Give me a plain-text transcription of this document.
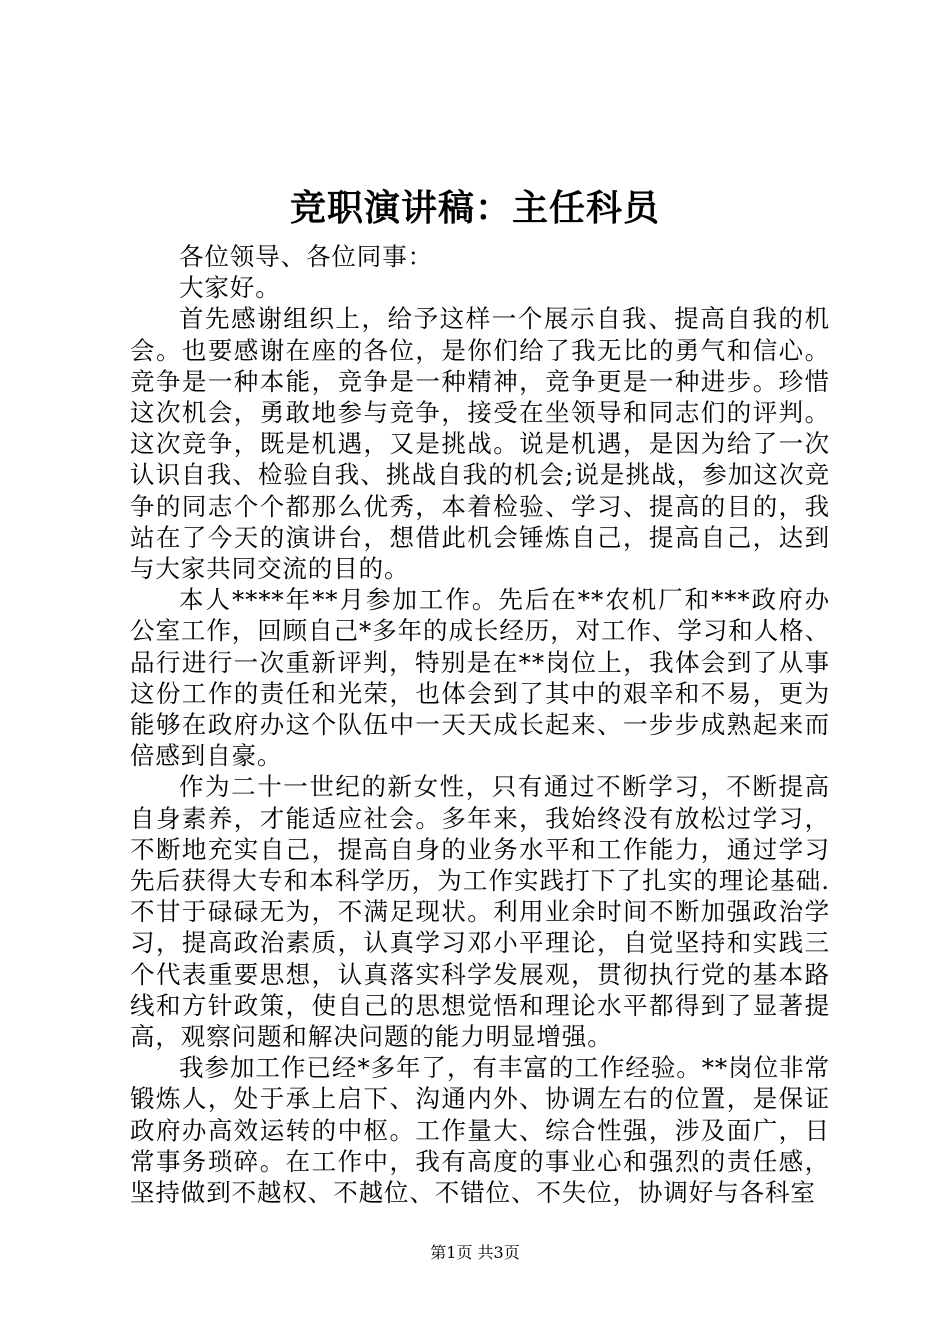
竞职演讲稿：主任科员

各位领导、各位同事：

大家好。

首先感谢组织上，给予这样一个展示自我、提高自我的机会。也要感谢在座的各位，是你们给了我无比的勇气和信心。竞争是一种本能，竞争是一种精神，竞争更是一种进步。珍惜这次机会，勇敢地参与竞争，接受在坐领导和同志们的评判。这次竞争，既是机遇，又是挑战。说是机遇，是因为给了一次认识自我、检验自我、挑战自我的机会;说是挑战，参加这次竞争的同志个个都那么优秀，本着检验、学习、提高的目的，我站在了今天的演讲台，想借此机会锤炼自己，提高自己，达到与大家共同交流的目的。

本人****年**月参加工作。先后在**农机厂和***政府办公室工作，回顾自己*多年的成长经历，对工作、学习和人格、品行进行一次重新评判，特别是在**岗位上，我体会到了从事这份工作的责任和光荣，也体会到了其中的艰辛和不易，更为能够在政府办这个队伍中一天天成长起来、一步步成熟起来而倍感到自豪。

作为二十一世纪的新女性，只有通过不断学习，不断提高自身素养，才能适应社会。多年来，我始终没有放松过学习，不断地充实自己，提高自身的业务水平和工作能力，通过学习先后获得大专和本科学历，为工作实践打下了扎实的理论基础.不甘于碌碌无为，不满足现状。利用业余时间不断加强政治学习，提高政治素质，认真学习邓小平理论，自觉坚持和实践三个代表重要思想，认真落实科学发展观，贯彻执行党的基本路线和方针政策，使自己的思想觉悟和理论水平都得到了显著提高，观察问题和解决问题的能力明显增强。

我参加工作已经*多年了，有丰富的工作经验。**岗位非常锻炼人，处于承上启下、沟通内外、协调左右的位置，是保证政府办高效运转的中枢。工作量大、综合性强，涉及面广，日常事务琐碎。在工作中，我有高度的事业心和强烈的责任感，坚持做到不越权、不越位、不错位、不失位，协调好与各科室

第1页 共3页
